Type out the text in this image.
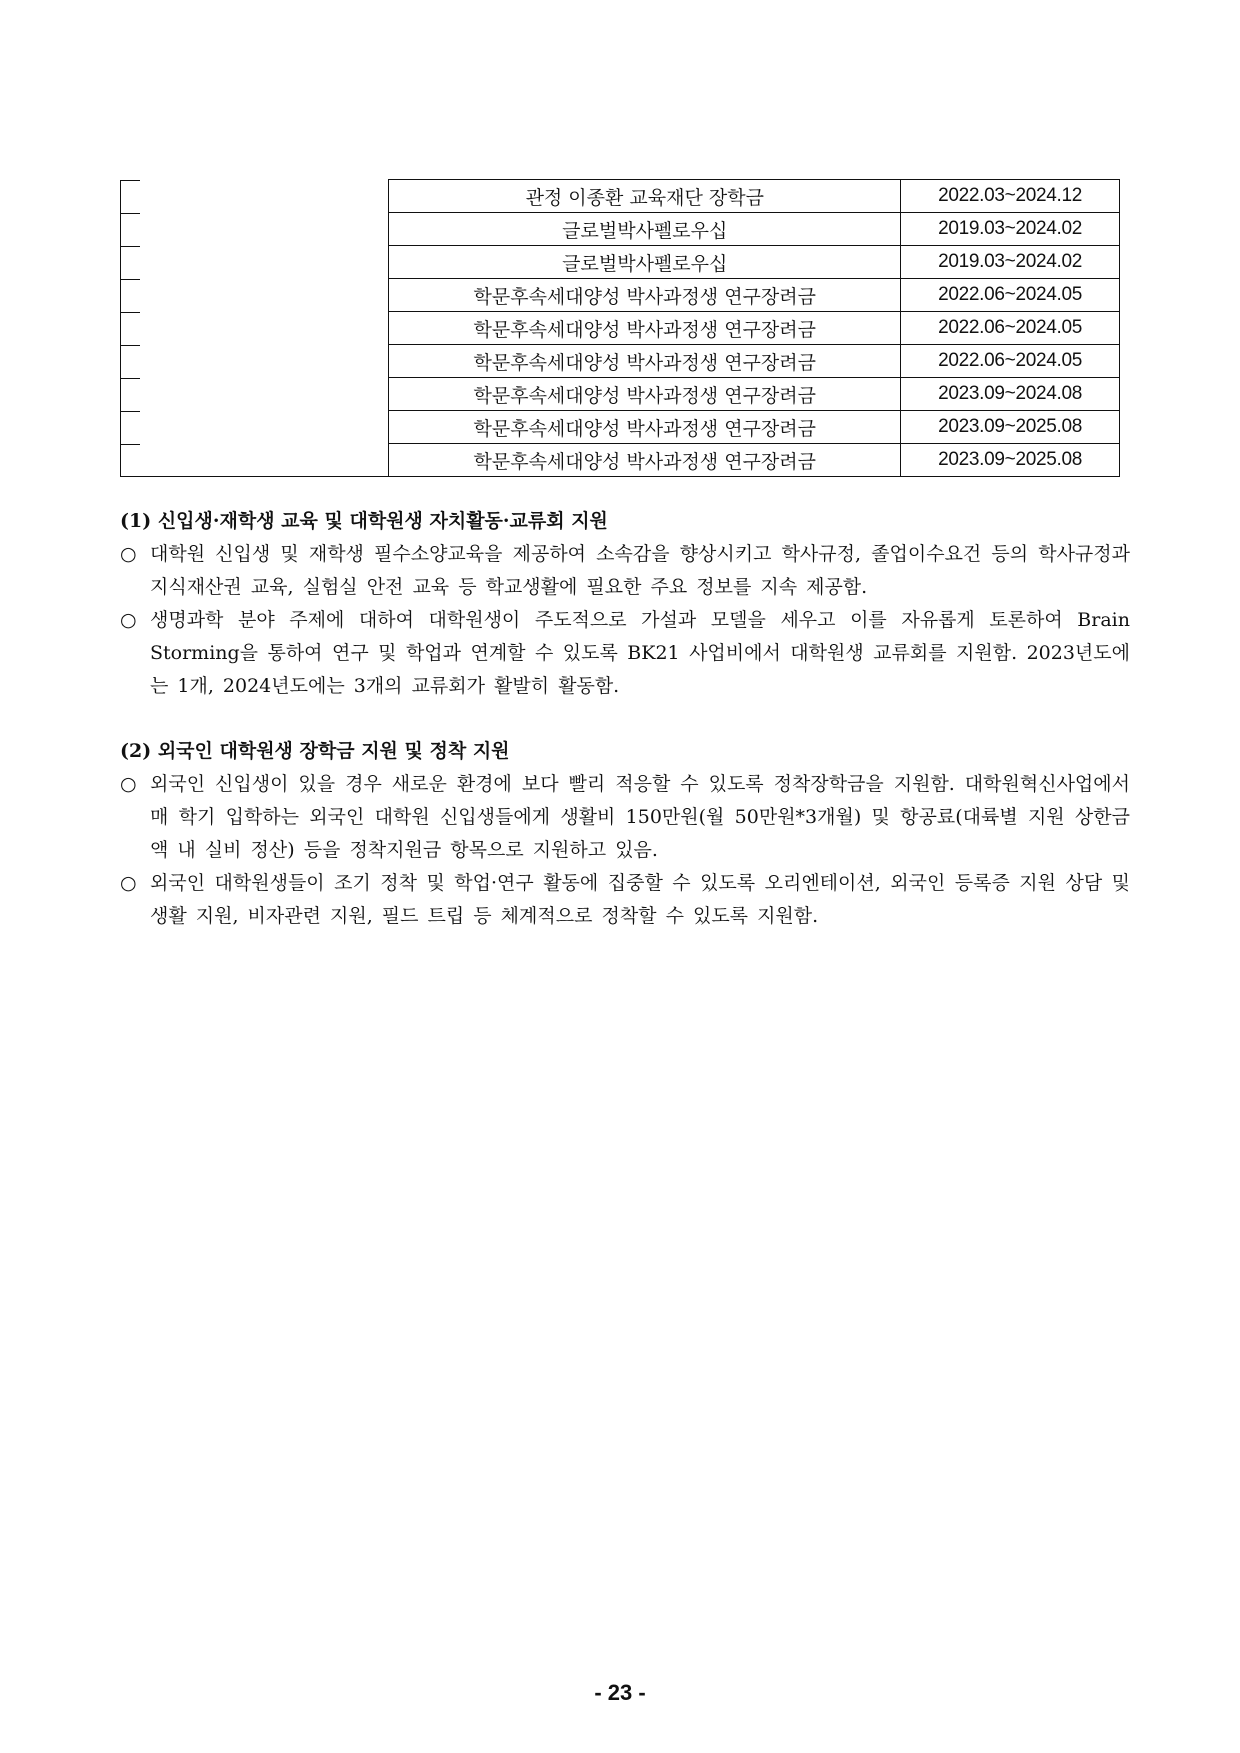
	관정 이종환 교육재단 장학금	2022.03~2024.12
	글로벌박사펠로우십	2019.03~2024.02
	글로벌박사펠로우십	2019.03~2024.02
	학문후속세대양성 박사과정생 연구장려금	2022.06~2024.05
	학문후속세대양성 박사과정생 연구장려금	2022.06~2024.05
	학문후속세대양성 박사과정생 연구장려금	2022.06~2024.05
	학문후속세대양성 박사과정생 연구장려금	2023.09~2024.08
	학문후속세대양성 박사과정생 연구장려금	2023.09~2025.08
	학문후속세대양성 박사과정생 연구장려금	2023.09~2025.08
(1) 신입생·재학생 교육 및 대학원생 자치활동·교류회 지원
○ 대학원 신입생 및 재학생 필수소양교육을 제공하여 소속감을 향상시키고 학사규정, 졸업이수요건 등의 학사규정과 지식재산권 교육, 실험실 안전 교육 등 학교생활에 필요한 주요 정보를 지속 제공함.
○ 생명과학 분야 주제에 대하여 대학원생이 주도적으로 가설과 모델을 세우고 이를 자유롭게 토론하여 Brain Storming을 통하여 연구 및 학업과 연계할 수 있도록 BK21 사업비에서 대학원생 교류회를 지원함. 2023년도에는 1개, 2024년도에는 3개의 교류회가 활발히 활동함.
(2) 외국인 대학원생 장학금 지원 및 정착 지원
○ 외국인 신입생이 있을 경우 새로운 환경에 보다 빨리 적응할 수 있도록 정착장학금을 지원함. 대학원혁신사업에서 매 학기 입학하는 외국인 대학원 신입생들에게 생활비 150만원(월 50만원*3개월) 및 항공료(대륙별 지원 상한금액 내 실비 정산) 등을 정착지원금 항목으로 지원하고 있음.
○ 외국인 대학원생들이 조기 정착 및 학업·연구 활동에 집중할 수 있도록 오리엔테이션, 외국인 등록증 지원 상담 및 생활 지원, 비자관련 지원, 필드 트립 등 체계적으로 정착할 수 있도록 지원함.
- 23 -
